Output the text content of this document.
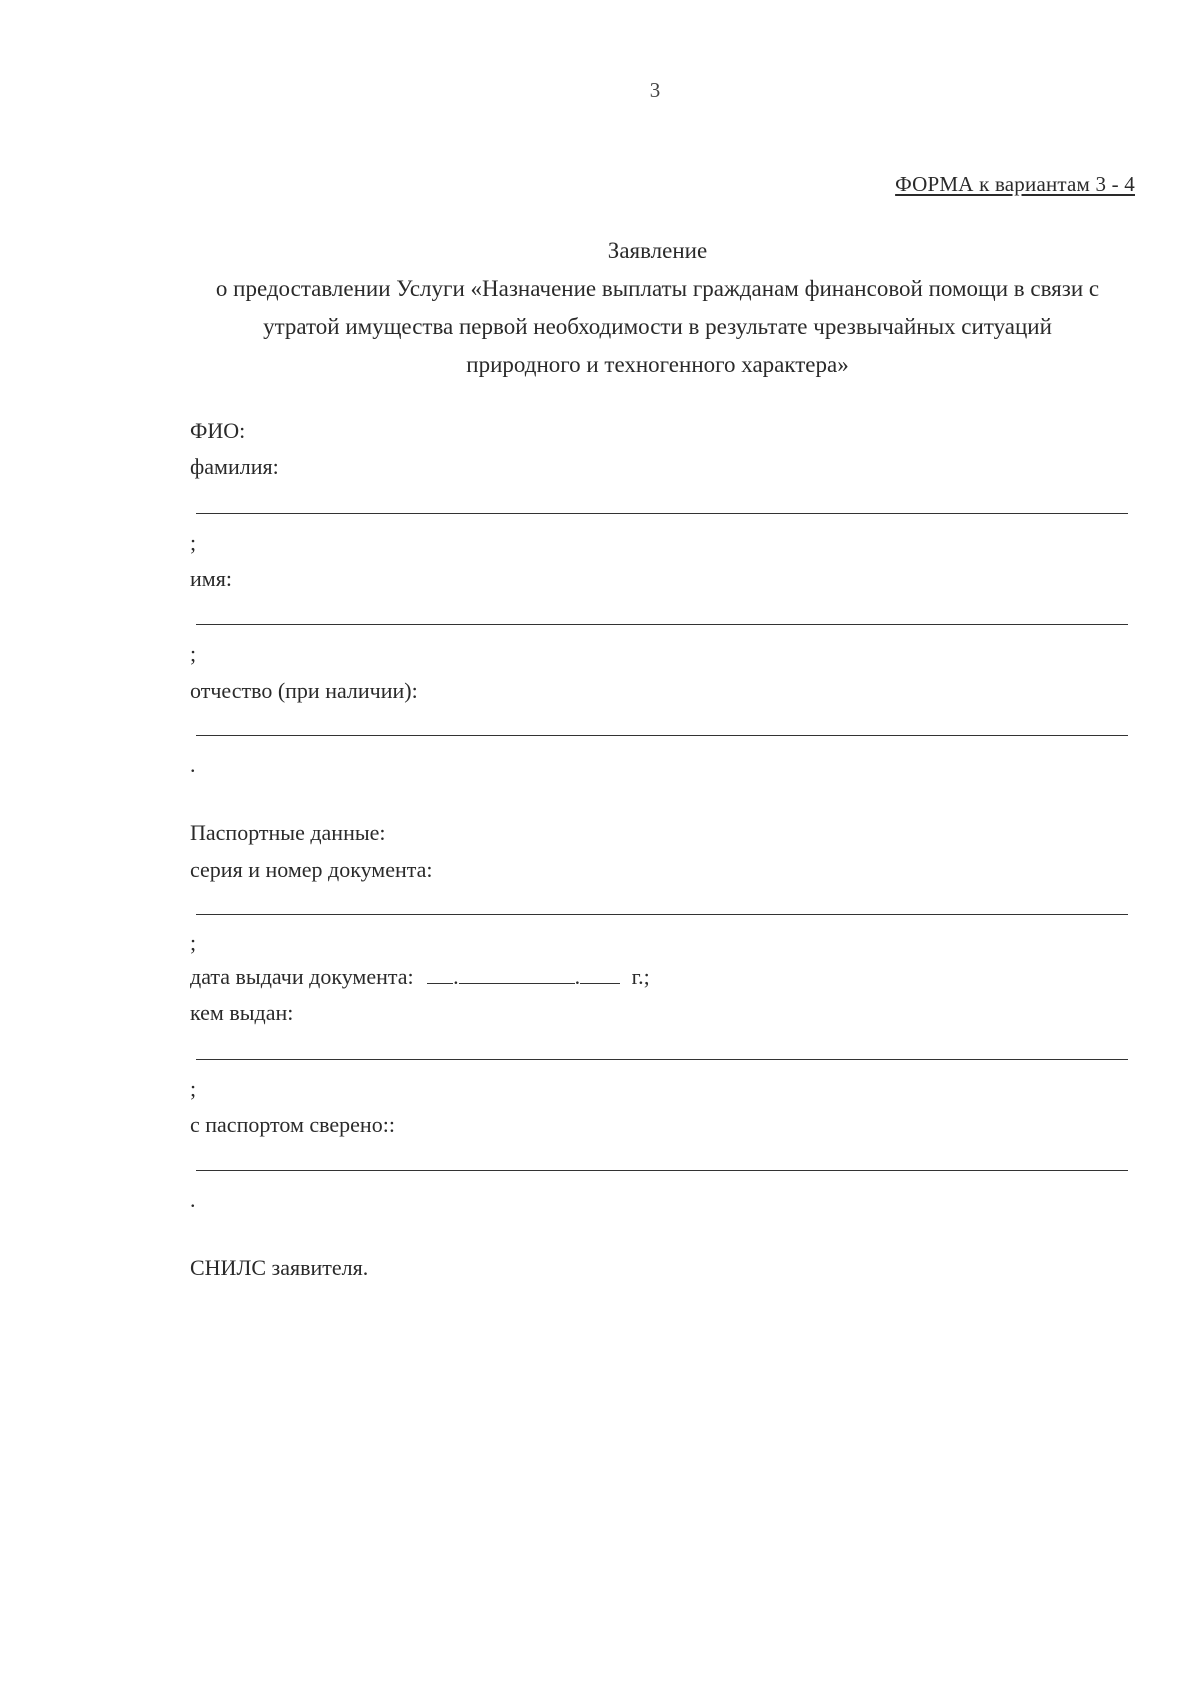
3
ФОРМА к вариантам 3 - 4
Заявление
о предоставлении Услуги «Назначение выплаты гражданам финансовой помощи в связи с
утратой имущества первой необходимости в результате чрезвычайных ситуаций
природного и техногенного характера»
ФИО:
фамилия:
;
имя:
;
отчество (при наличии):
.
Паспортные данные:
серия и номер документа:
;
дата выдачи документа: .	. г.;
кем выдан:
;
с паспортом сверено::
.
СНИЛС заявителя.
